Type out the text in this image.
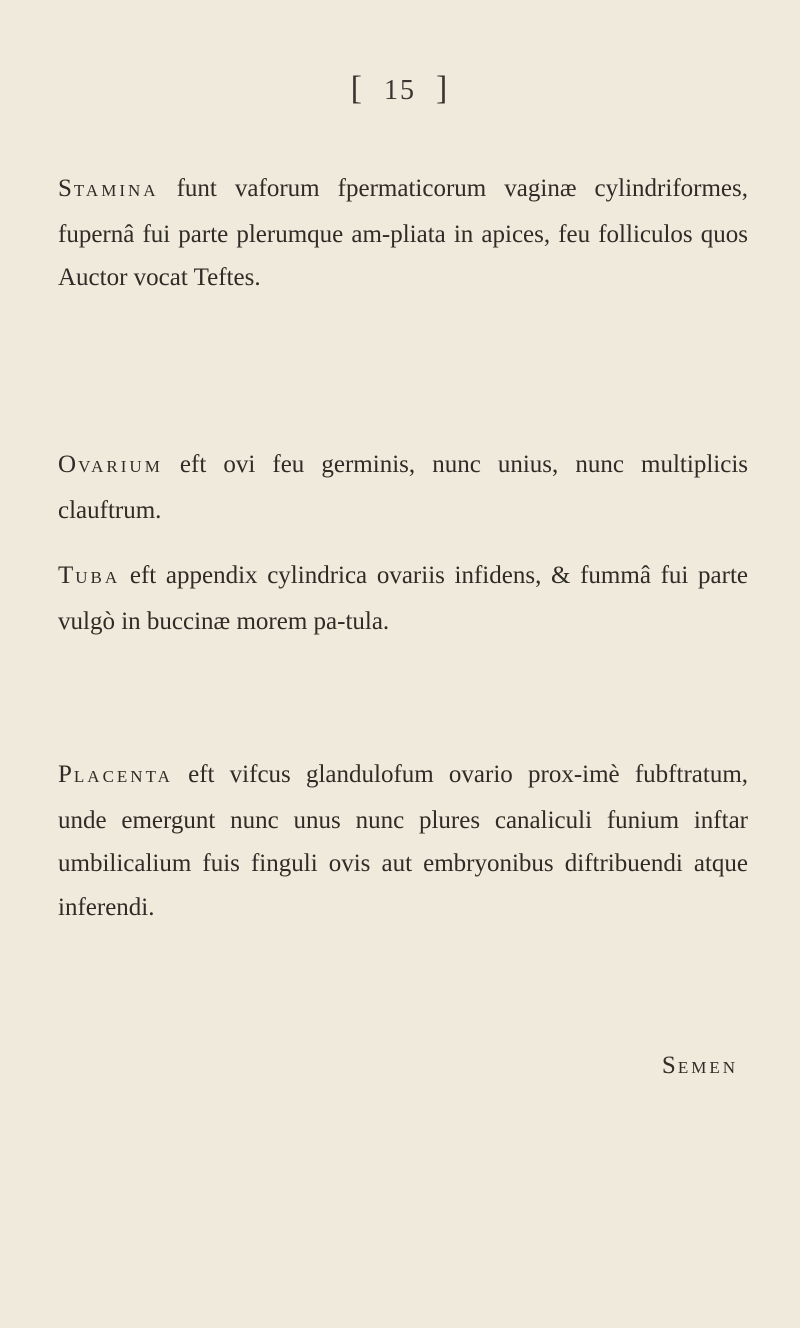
[ 15 ]
STAMINA funt vaforum fpermaticorum vaginæ cylindriformes, fupernâ fui parte plerumque am-pliata in apices, feu folliculos quos Auctor vocat Teftes.
OVARIUM eft ovi feu germinis, nunc unius, nunc multiplicis clauftrum.
TUBA eft appendix cylindrica ovariis infidens, & fummâ fui parte vulgò in buccinæ morem pa-tula.
PLACENTA eft vifcus glandulofum ovario prox-imè fubftratum, unde emergunt nunc unus nunc plures canaliculi funium inftar umbilicalium fuis finguli ovis aut embryonibus diftribuendi atque inferendi.
SEMEN
